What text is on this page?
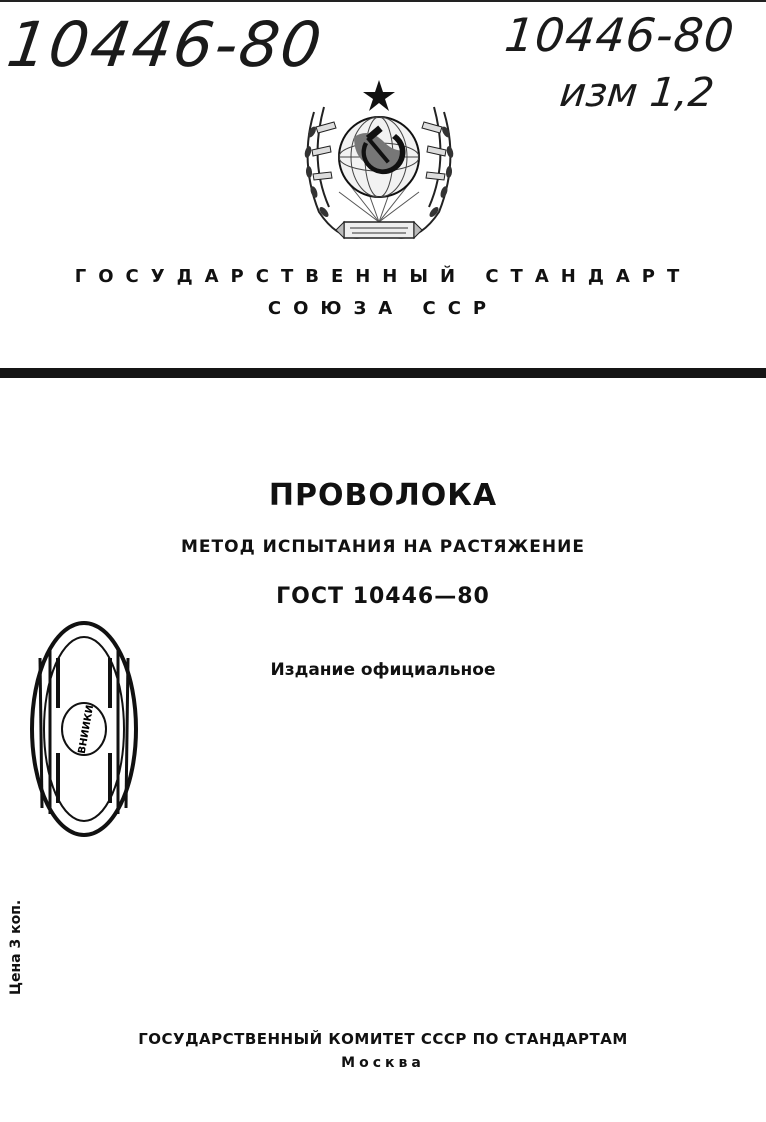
10446-80	10446-80
изм 1,2
ГОСУДАРСТВЕННЫЙ СТАНДАРТ
СОЮЗА ССР
ПРОВОЛОКА
МЕТОД ИСПЫТАНИЯ НА РАСТЯЖЕНИЕ
ГОСТ 10446—80
Издание официальное
ВНИИКИ
Цена 3 коп.
ГОСУДАРСТВЕННЫЙ КОМИТЕТ СССР ПО СТАНДАРТАМ
Москва
